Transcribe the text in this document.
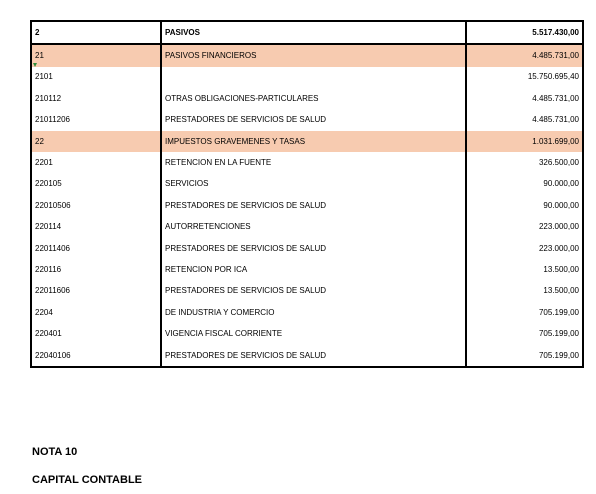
2	PASIVOS	5.517.430,00
21	PASIVOS FINANCIEROS	4.485.731,00
2101		15.750.695,40
210112	OTRAS OBLIGACIONES-PARTICULARES	4.485.731,00
21011206	PRESTADORES DE SERVICIOS DE SALUD	4.485.731,00
22	IMPUESTOS GRAVEMENES Y TASAS	1.031.699,00
2201	RETENCION EN LA FUENTE	326.500,00
220105	SERVICIOS	90.000,00
22010506	PRESTADORES DE SERVICIOS DE SALUD	90.000,00
220114	AUTORRETENCIONES	223.000,00
22011406	PRESTADORES DE SERVICIOS DE SALUD	223.000,00
220116	RETENCION POR ICA	13.500,00
22011606	PRESTADORES DE SERVICIOS DE SALUD	13.500,00
2204	DE INDUSTRIA Y COMERCIO	705.199,00
220401	VIGENCIA FISCAL CORRIENTE	705.199,00
22040106	PRESTADORES DE SERVICIOS DE SALUD	705.199,00
NOTA 10
CAPITAL CONTABLE
